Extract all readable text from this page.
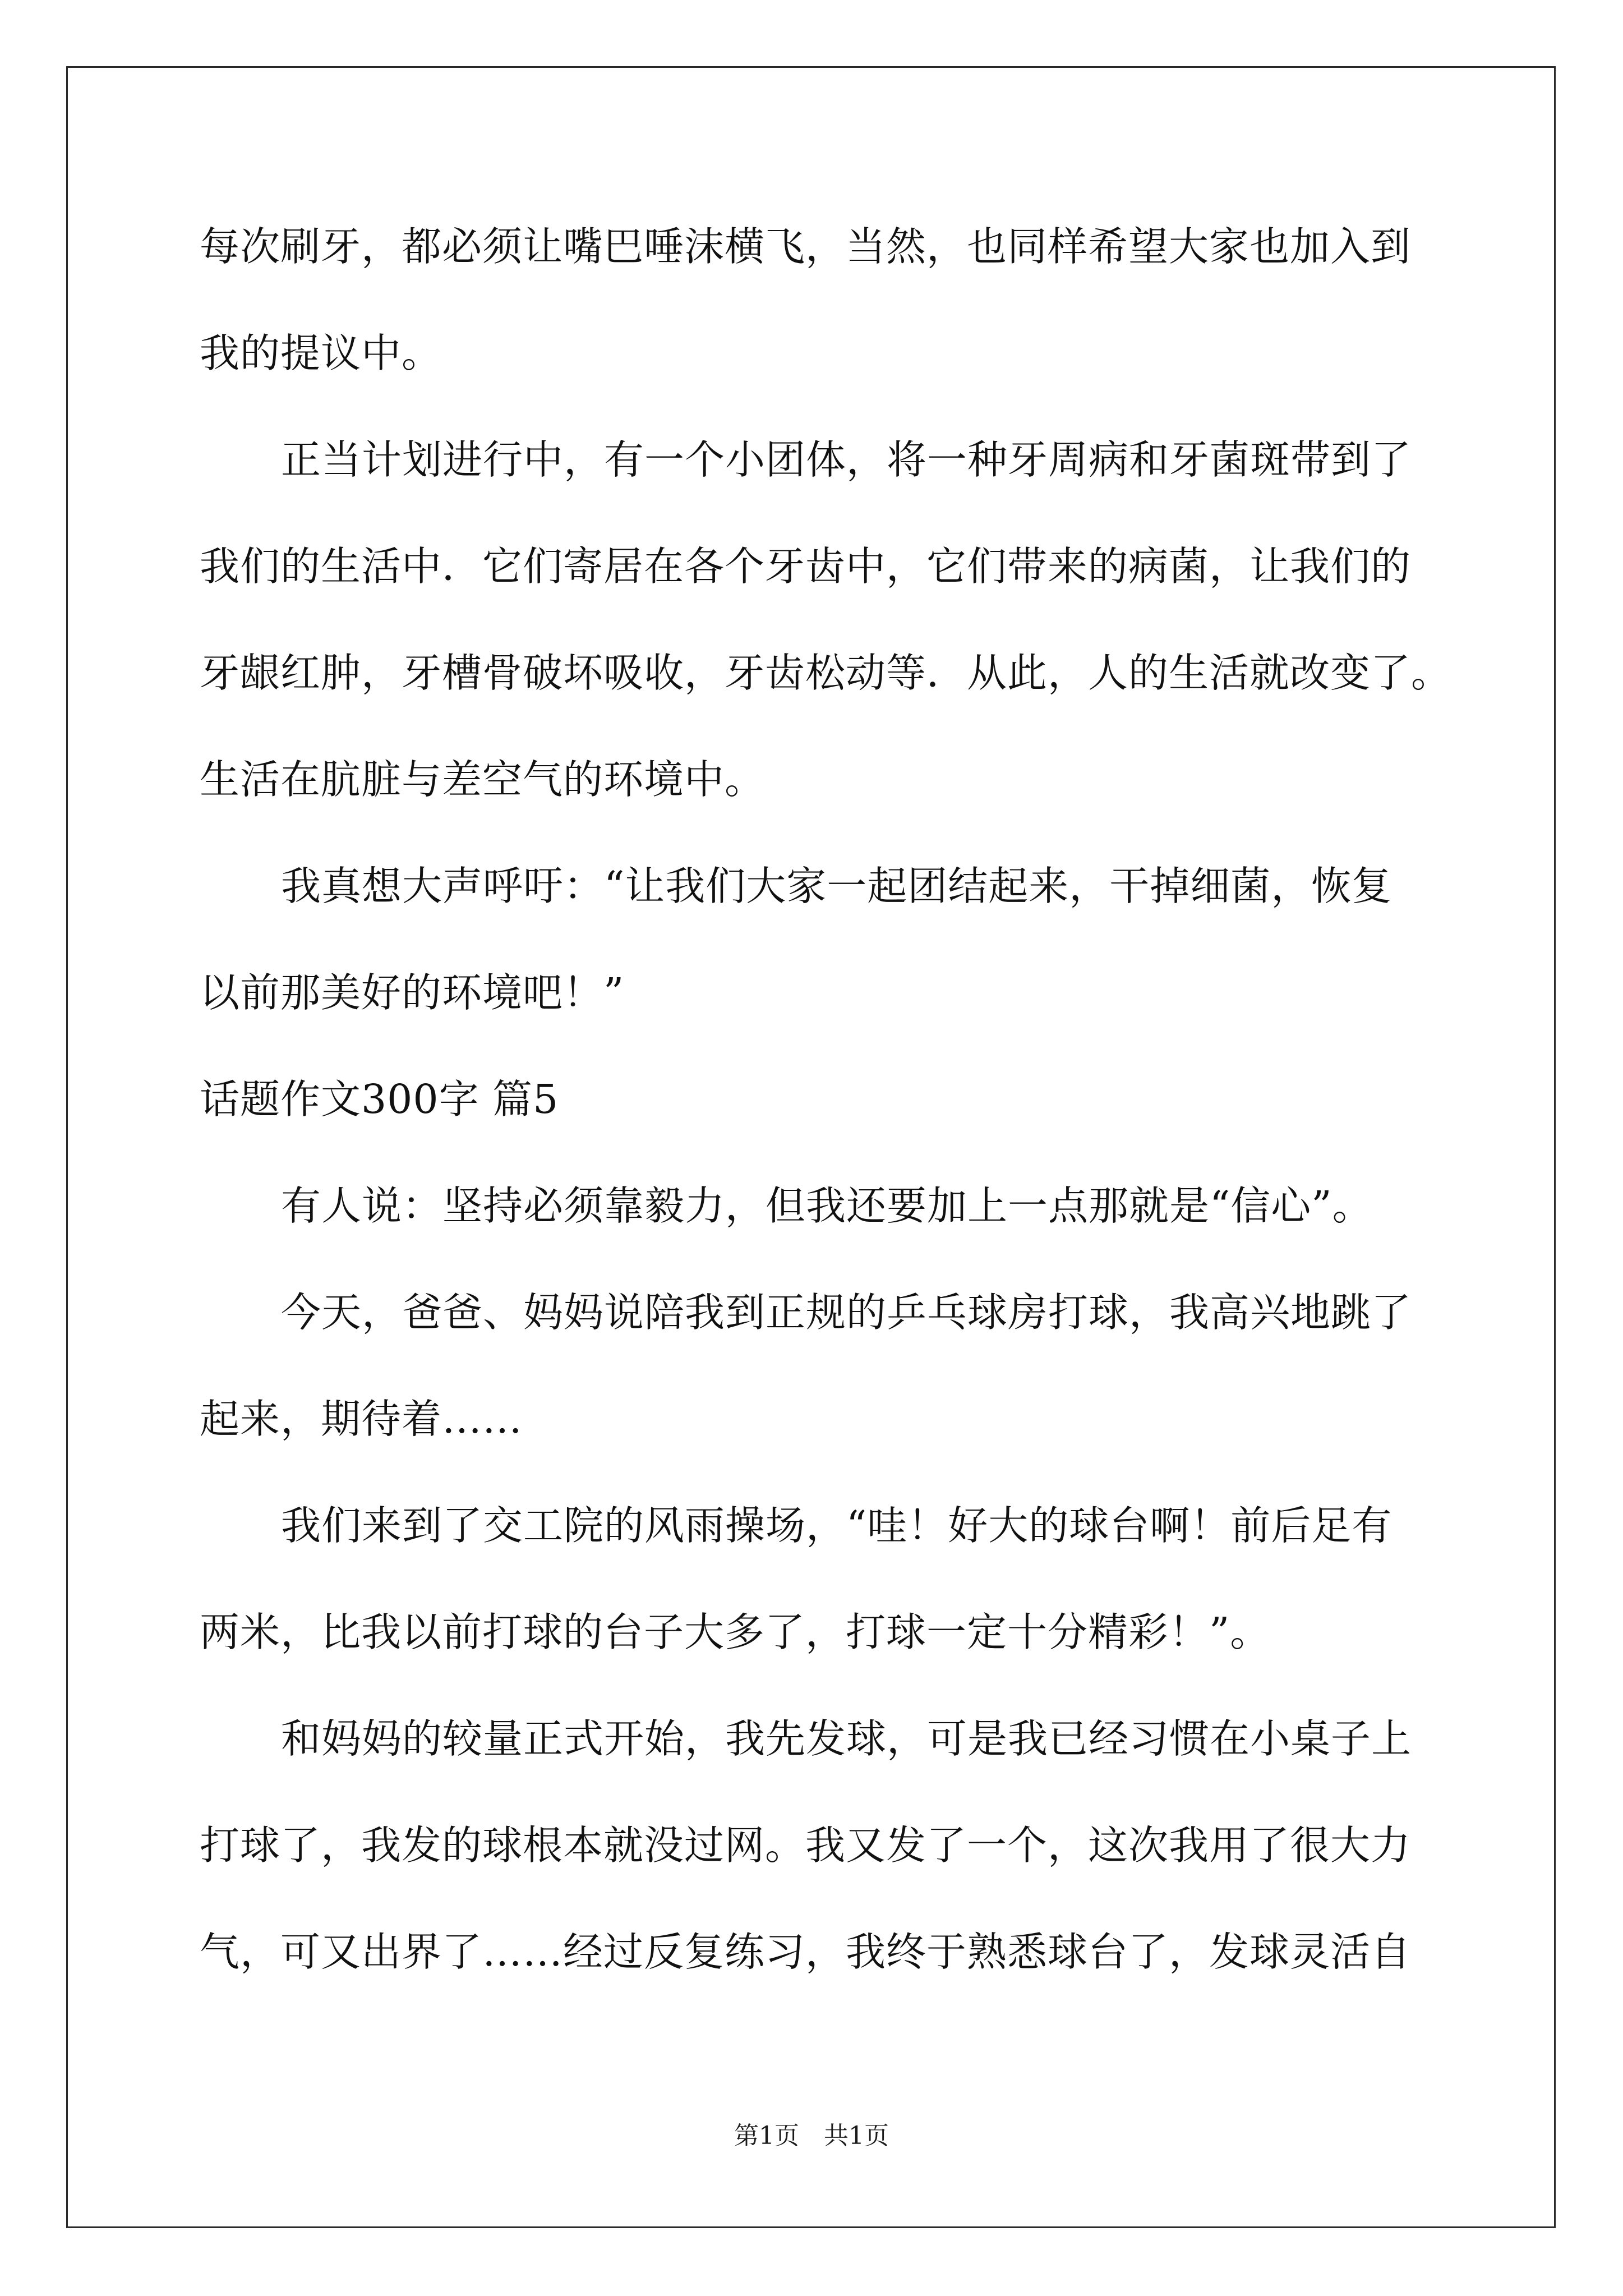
每次刷牙，都必须让嘴巴唾沫横飞，当然，也同样希望大家也加入到
我的提议中。
正当计划进行中，有一个小团体，将一种牙周病和牙菌斑带到了
我们的生活中．它们寄居在各个牙齿中，它们带来的病菌，让我们的
牙龈红肿，牙槽骨破坏吸收，牙齿松动等．从此，人的生活就改变了。
生活在肮脏与差空气的环境中。
我真想大声呼吁：“让我们大家一起团结起来，干掉细菌，恢复
以前那美好的环境吧！”
话题作文300字 篇5
有人说：坚持必须靠毅力，但我还要加上一点那就是“信心”。
今天，爸爸、妈妈说陪我到正规的乒乓球房打球，我高兴地跳了
起来，期待着……
我们来到了交工院的风雨操场，“哇！好大的球台啊！前后足有
两米，比我以前打球的台子大多了，打球一定十分精彩！”。
和妈妈的较量正式开始，我先发球，可是我已经习惯在小桌子上
打球了，我发的球根本就没过网。我又发了一个，这次我用了很大力
气，可又出界了……经过反复练习，我终于熟悉球台了，发球灵活自
第1页　共1页
